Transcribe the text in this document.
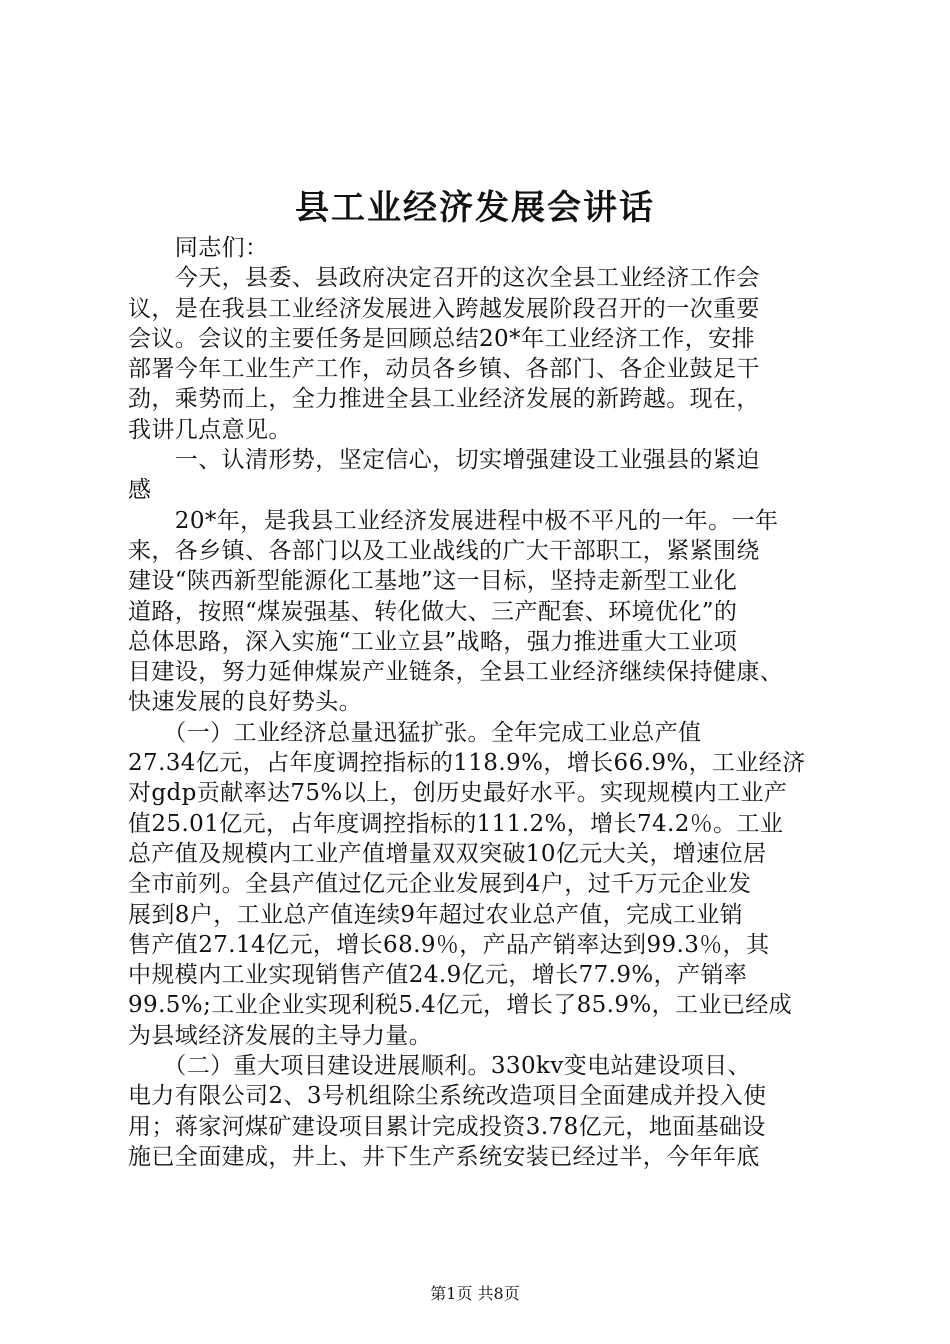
县工业经济发展会讲话
　　同志们：
　　今天，县委、县政府决定召开的这次全县工业经济工作会
议，是在我县工业经济发展进入跨越发展阶段召开的一次重要
会议。会议的主要任务是回顾总结20*年工业经济工作，安排
部署今年工业生产工作，动员各乡镇、各部门、各企业鼓足干
劲，乘势而上，全力推进全县工业经济发展的新跨越。现在，
我讲几点意见。
　　一、认清形势，坚定信心，切实增强建设工业强县的紧迫
感
　　20*年，是我县工业经济发展进程中极不平凡的一年。一年
来，各乡镇、各部门以及工业战线的广大干部职工，紧紧围绕
建设“陕西新型能源化工基地”这一目标，坚持走新型工业化
道路，按照“煤炭强基、转化做大、三产配套、环境优化”的
总体思路，深入实施“工业立县”战略，强力推进重大工业项
目建设，努力延伸煤炭产业链条，全县工业经济继续保持健康、
快速发展的良好势头。
　　（一）工业经济总量迅猛扩张。全年完成工业总产值
27.34亿元，占年度调控指标的118.9%，增长66.9%，工业经济
对gdp贡献率达75%以上，创历史最好水平。实现规模内工业产
值25.01亿元，占年度调控指标的111.2%，增长74.2％。工业
总产值及规模内工业产值增量双双突破10亿元大关，增速位居
全市前列。全县产值过亿元企业发展到4户，过千万元企业发
展到8户，工业总产值连续9年超过农业总产值，完成工业销
售产值27.14亿元，增长68.9％，产品产销率达到99.3％，其
中规模内工业实现销售产值24.9亿元，增长77.9%，产销率
99.5%;工业企业实现利税5.4亿元，增长了85.9%，工业已经成
为县域经济发展的主导力量。
　　（二）重大项目建设进展顺利。330kv变电站建设项目、
电力有限公司2、3号机组除尘系统改造项目全面建成并投入使
用；蒋家河煤矿建设项目累计完成投资3.78亿元，地面基础设
施已全面建成，井上、井下生产系统安装已经过半，今年年底
第1页 共8页
